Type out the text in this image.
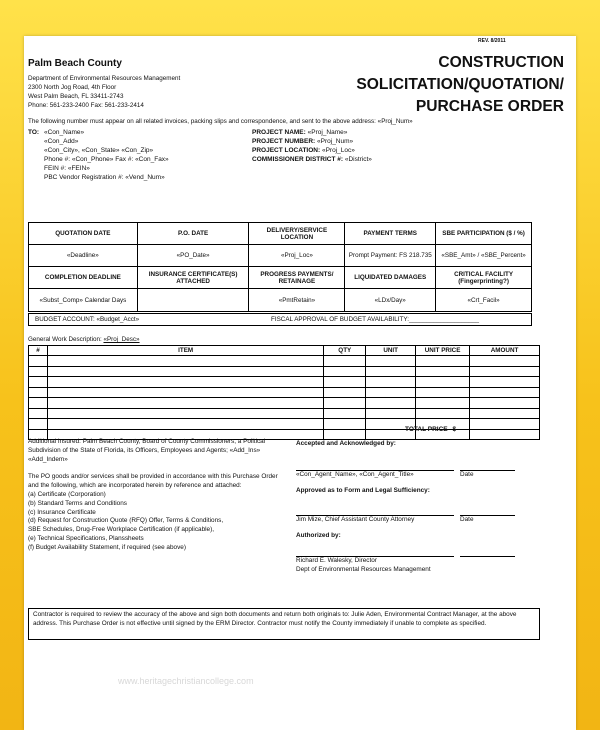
REV. 8/2011
Palm Beach County
Department of Environmental Resources Management
2300 North Jog Road, 4th Floor
West Palm Beach, FL 33411-2743
Phone: 561-233-2400 Fax: 561-233-2414
CONSTRUCTION
SOLICITATION/QUOTATION/
PURCHASE ORDER
The following number must appear on all related invoices, packing slips and correspondence, and sent to the above address: «Proj_Num»
TO: «Con_Name»
«Con_Add»
«Con_City», «Con_State» «Con_Zip»
Phone #: «Con_Phone» Fax #: «Con_Fax»
FEIN #: «FEIN»
PBC Vendor Registration #: «Vend_Num»
PROJECT NAME: «Proj_Name»
PROJECT NUMBER: «Proj_Num»
PROJECT LOCATION: «Proj_Loc»
COMMISSIONER DISTRICT #: «District»
QUOTATION DATE	P.O. DATE	DELIVERY/SERVICE LOCATION	PAYMENT TERMS	SBE PARTICIPATION ($ / %)
«Deadline»	«PO_Date»	«Proj_Loc»	Prompt Payment: FS 218.735	«SBE_Amt» / «SBE_Percent»
COMPLETION DEADLINE	INSURANCE CERTIFICATE(S) ATTACHED	PROGRESS PAYMENTS/ RETAINAGE	LIQUIDATED DAMAGES	CRITICAL FACILITY (Fingerprinting?)
«Subst_Comp» Calendar Days		«PmtRetain»	«LDx/Day»	«Crt_Facil»
BUDGET ACCOUNT: «Budget_Acct»	FISCAL APPROVAL OF BUDGET AVAILABILITY:____________________
General Work Description: «Proj_Desc»
#	ITEM	QTY	UNIT	UNIT PRICE	AMOUNT

TOTAL PRICE $
Additional Insured: Palm Beach County, Board of County Commissioners, a Political Subdivision of the State of Florida, its Officers, Employees and Agents; «Add_Ins» «Add_Indem»
The PO goods and/or services shall be provided in accordance with this Purchase Order and the following, which are incorporated herein by reference and attached:
(a) Certificate (Corporation)
(b) Standard Terms and Conditions
(c) Insurance Certificate
(d) Request for Construction Quote (RFQ) Offer, Terms & Conditions,
SBE Schedules, Drug-Free Workplace Certification (if applicable),
(e) Technical Specifications, Planssheets
(f) Budget Availability Statement, if required (see above)
Accepted and Acknowledged by:
«Con_Agent_Name», «Con_Agent_Title»	Date
Approved as to Form and Legal Sufficiency:
Jim Mize, Chief Assistant County Attorney	Date
Authorized by:
Richard E. Walesky, Director
Dept of Environmental Resources Management
Contractor is required to review the accuracy of the above and sign both documents and return both originals to: Julie Aden, Environmental Contract Manager, at the above address. This Purchase Order is not effective until signed by the ERM Director. Contractor must notify the County immediately if unable to complete as specified.
www.heritagechristiancollege.com
